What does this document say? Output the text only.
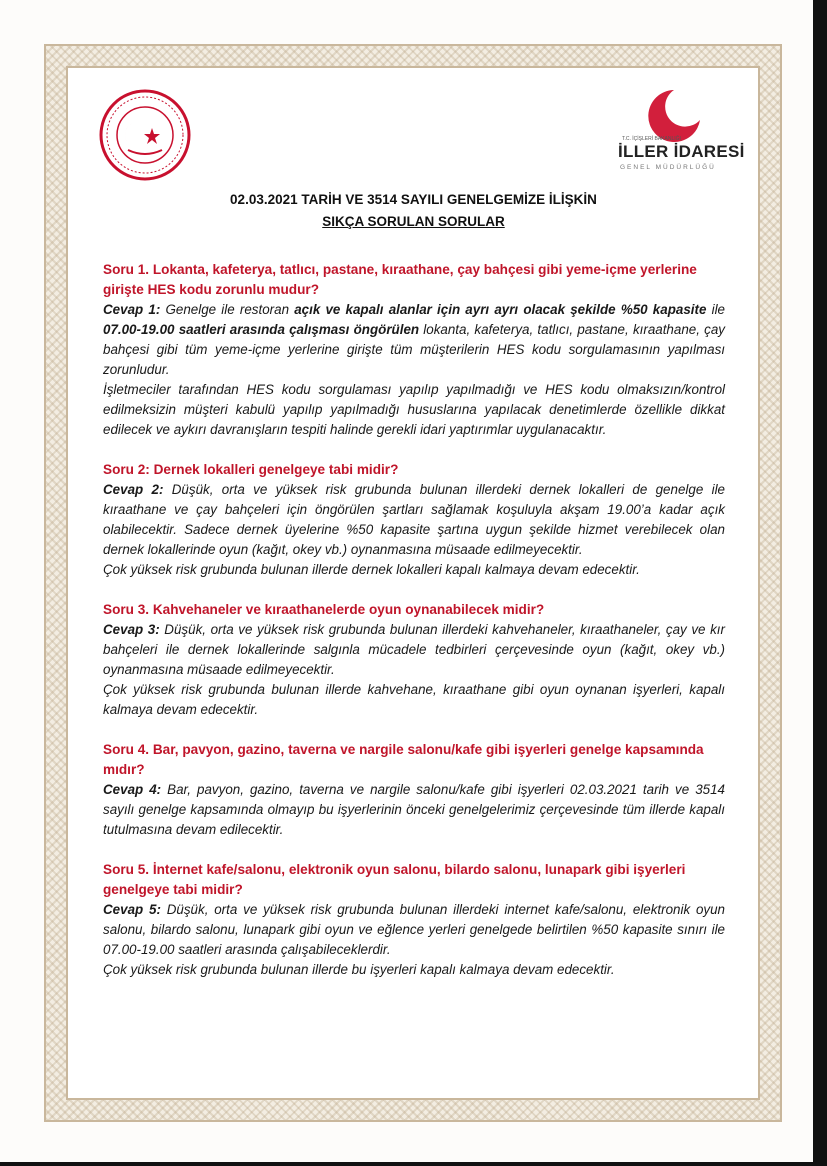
T.C. İÇİŞLERİ BAKANLIĞI
İLLER İDARESİ
GENEL MÜDÜRLÜĞÜ
02.03.2021 TARİH VE 3514 SAYILI GENELGEMİZE İLİŞKİN
SIKÇA SORULAN SORULAR

Soru 1. Lokanta, kafeterya, tatlıcı, pastane, kıraathane, çay bahçesi gibi yeme-içme yerlerine girişte HES kodu zorunlu mudur?

Cevap 1: Genelge ile restoran açık ve kapalı alanlar için ayrı ayrı olacak şekilde %50 kapasite ile 07.00-19.00 saatleri arasında çalışması öngörülen lokanta, kafeterya, tatlıcı, pastane, kıraathane, çay bahçesi gibi tüm yeme-içme yerlerine girişte tüm müşterilerin HES kodu sorgulamasının yapılması zorunludur.

İşletmeciler tarafından HES kodu sorgulaması yapılıp yapılmadığı ve HES kodu olmaksızın/kontrol edilmeksizin müşteri kabulü yapılıp yapılmadığı hususlarına yapılacak denetimlerde özellikle dikkat edilecek ve aykırı davranışların tespiti halinde gerekli idari yaptırımlar uygulanacaktır.

Soru 2: Dernek lokalleri genelgeye tabi midir?

Cevap 2: Düşük, orta ve yüksek risk grubunda bulunan illerdeki dernek lokalleri de genelge ile kıraathane ve çay bahçeleri için öngörülen şartları sağlamak koşuluyla akşam 19.00’a kadar açık olabilecektir. Sadece dernek üyelerine %50 kapasite şartına uygun şekilde hizmet verebilecek olan dernek lokallerinde oyun (kağıt, okey vb.) oynanmasına müsaade edilmeyecektir.

Çok yüksek risk grubunda bulunan illerde dernek lokalleri kapalı kalmaya devam edecektir.

Soru 3. Kahvehaneler ve kıraathanelerde oyun oynanabilecek midir?

Cevap 3: Düşük, orta ve yüksek risk grubunda bulunan illerdeki kahvehaneler, kıraathaneler, çay ve kır bahçeleri ile dernek lokallerinde salgınla mücadele tedbirleri çerçevesinde oyun (kağıt, okey vb.) oynanmasına müsaade edilmeyecektir.

Çok yüksek risk grubunda bulunan illerde kahvehane, kıraathane gibi oyun oynanan işyerleri, kapalı kalmaya devam edecektir.

Soru 4. Bar, pavyon, gazino, taverna ve nargile salonu/kafe gibi işyerleri genelge kapsamında mıdır?

Cevap 4: Bar, pavyon, gazino, taverna ve nargile salonu/kafe gibi işyerleri 02.03.2021 tarih ve 3514 sayılı genelge kapsamında olmayıp bu işyerlerinin önceki genelgelerimiz çerçevesinde tüm illerde kapalı tutulmasına devam edilecektir.

Soru 5. İnternet kafe/salonu, elektronik oyun salonu, bilardo salonu, lunapark gibi işyerleri genelgeye tabi midir?

Cevap 5: Düşük, orta ve yüksek risk grubunda bulunan illerdeki internet kafe/salonu, elektronik oyun salonu, bilardo salonu, lunapark gibi oyun ve eğlence yerleri genelgede belirtilen %50 kapasite sınırı ile 07.00-19.00 saatleri arasında çalışabileceklerdir.

Çok yüksek risk grubunda bulunan illerde bu işyerleri kapalı kalmaya devam edecektir.
